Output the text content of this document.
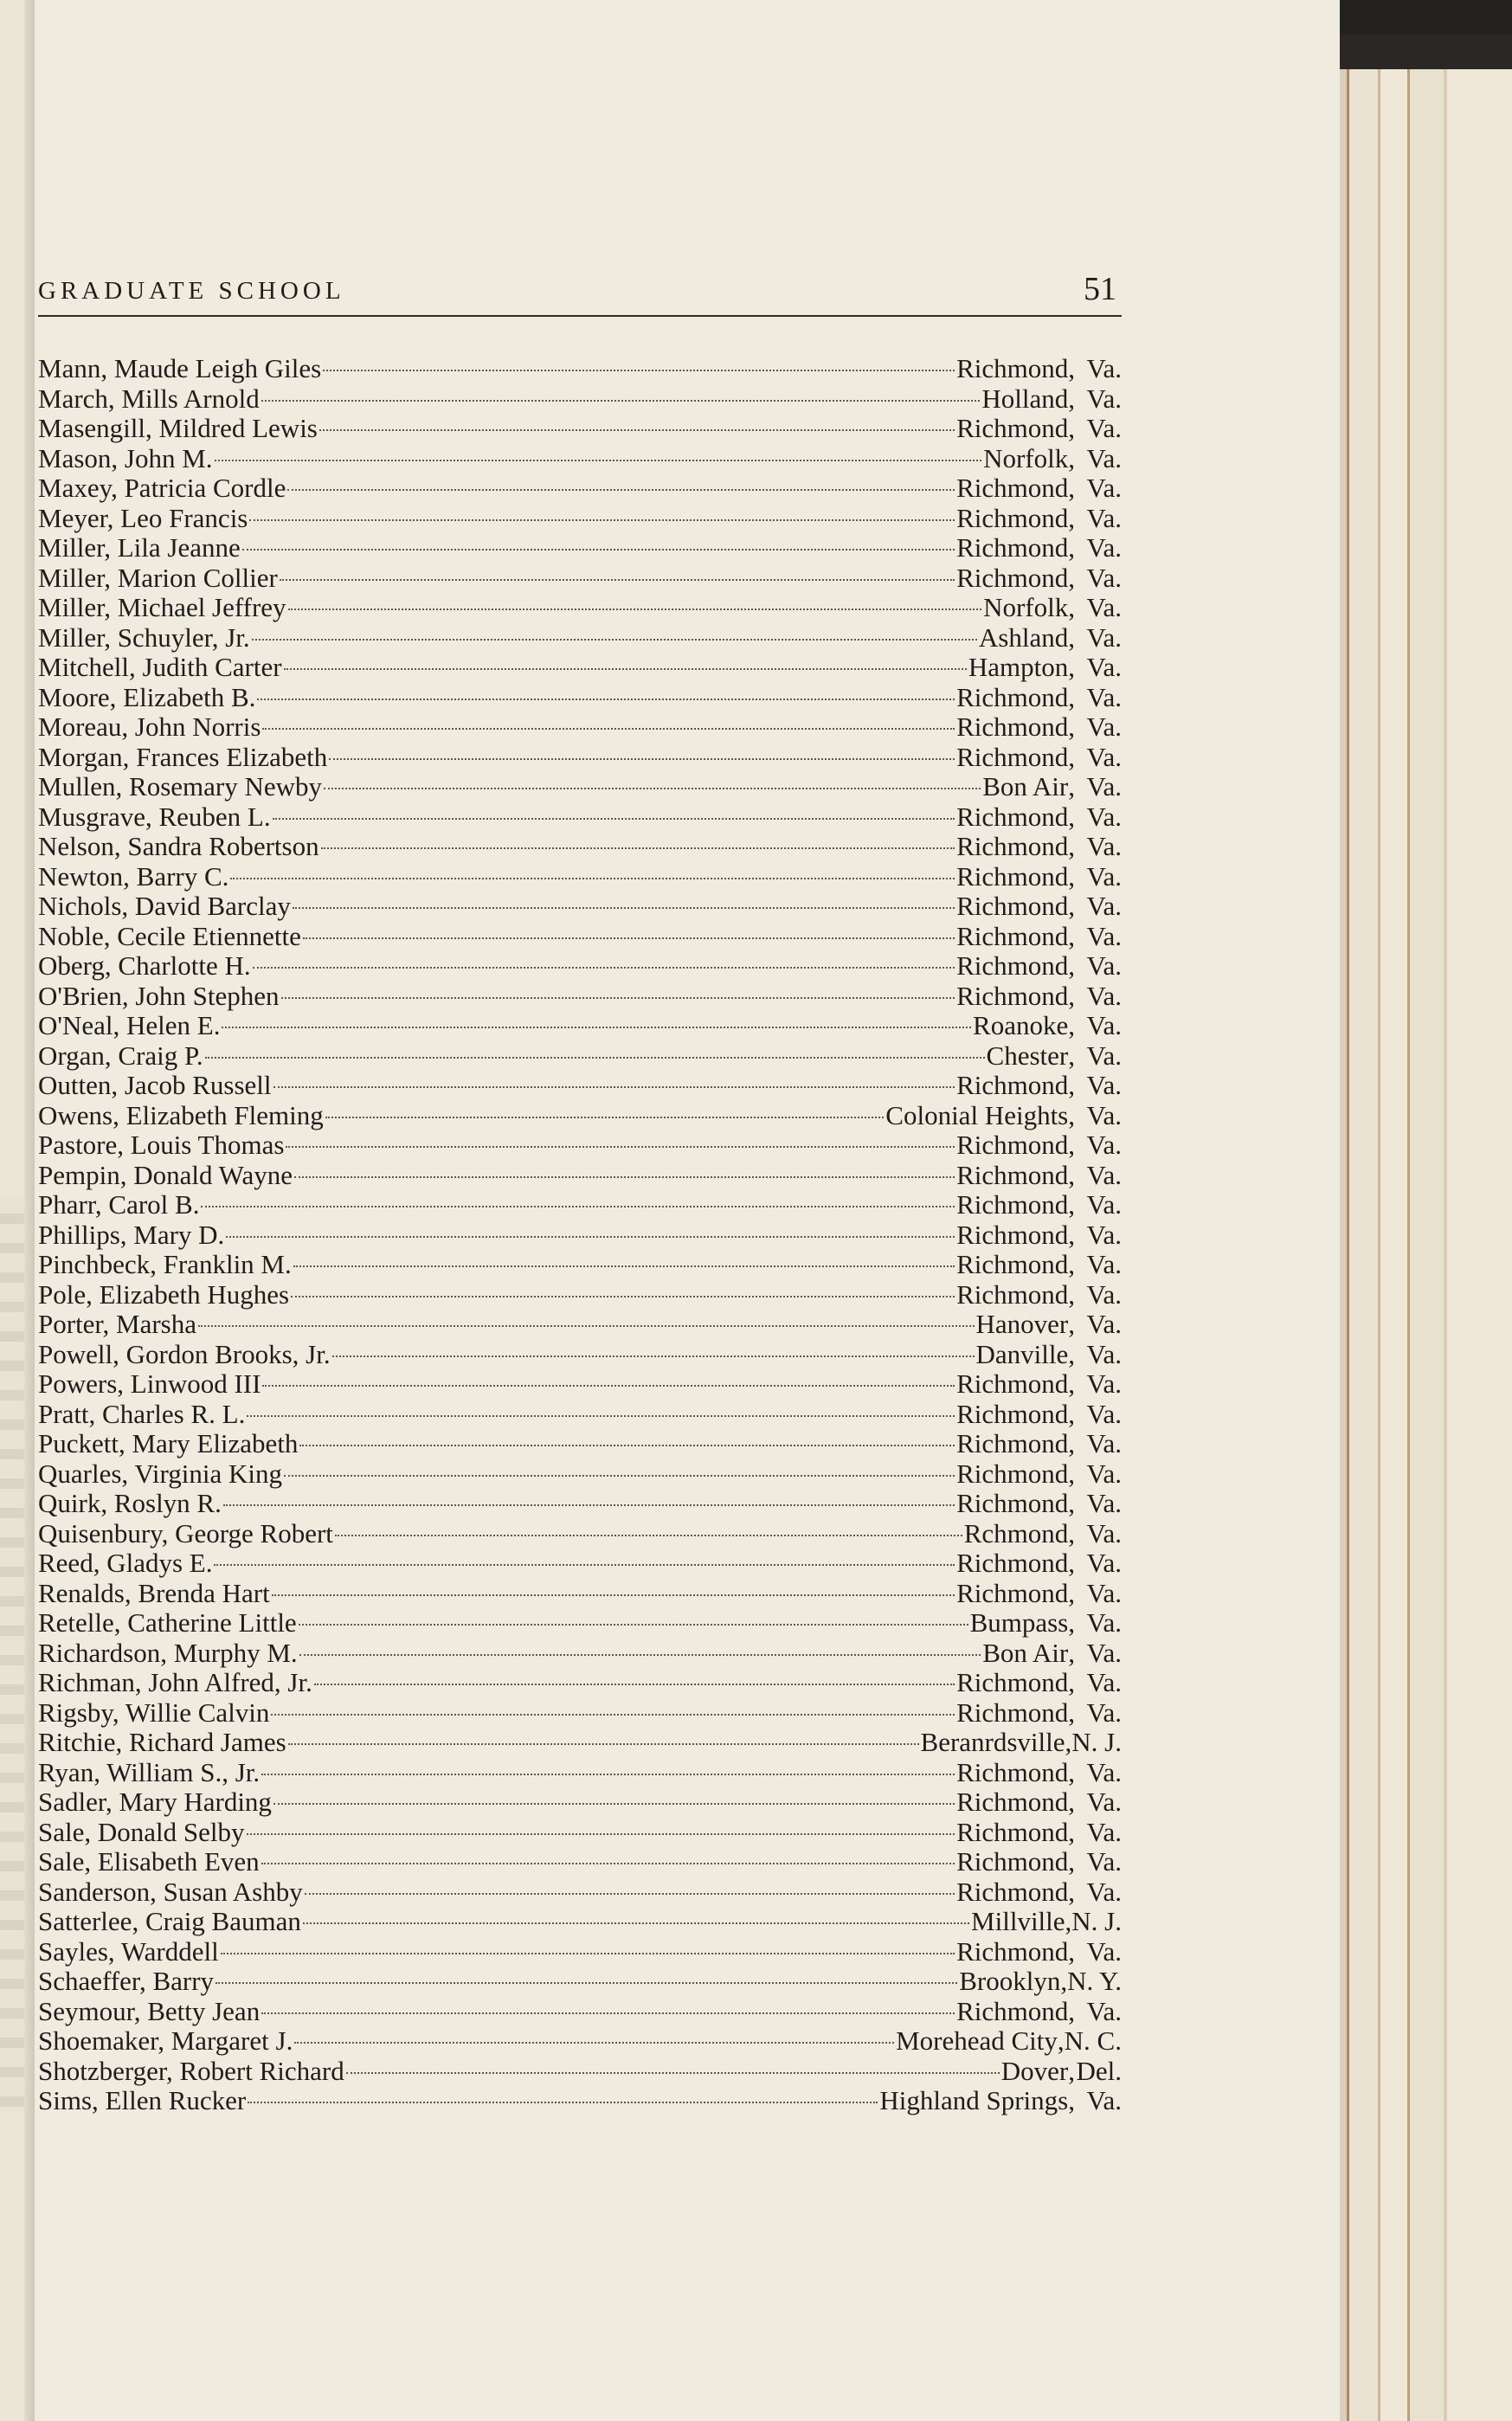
GRADUATE SCHOOL	51
Mann, Maude Leigh Giles	Richmond , Va.
March, Mills Arnold	Holland , Va.
Masengill, Mildred Lewis	Richmond , Va.
Mason, John M.	Norfolk , Va.
Maxey, Patricia Cordle	Richmond , Va.
Meyer, Leo Francis	Richmond , Va.
Miller, Lila Jeanne	Richmond , Va.
Miller, Marion Collier	Richmond , Va.
Miller, Michael Jeffrey	Norfolk , Va.
Miller, Schuyler, Jr.	Ashland , Va.
Mitchell, Judith Carter	Hampton , Va.
Moore, Elizabeth B.	Richmond , Va.
Moreau, John Norris	Richmond , Va.
Morgan, Frances Elizabeth	Richmond , Va.
Mullen, Rosemary Newby	Bon Air , Va.
Musgrave, Reuben L.	Richmond , Va.
Nelson, Sandra Robertson	Richmond , Va.
Newton, Barry C.	Richmond , Va.
Nichols, David Barclay	Richmond , Va.
Noble, Cecile Etiennette	Richmond , Va.
Oberg, Charlotte H.	Richmond , Va.
O'Brien, John Stephen	Richmond , Va.
O'Neal, Helen E.	Roanoke , Va.
Organ, Craig P.	Chester , Va.
Outten, Jacob Russell	Richmond , Va.
Owens, Elizabeth Fleming	Colonial Heights , Va.
Pastore, Louis Thomas	Richmond , Va.
Pempin, Donald Wayne	Richmond , Va.
Pharr, Carol B.	Richmond , Va.
Phillips, Mary D.	Richmond , Va.
Pinchbeck, Franklin M.	Richmond , Va.
Pole, Elizabeth Hughes	Richmond , Va.
Porter, Marsha	Hanover , Va.
Powell, Gordon Brooks, Jr.	Danville , Va.
Powers, Linwood III	Richmond , Va.
Pratt, Charles R. L.	Richmond , Va.
Puckett, Mary Elizabeth	Richmond , Va.
Quarles, Virginia King	Richmond , Va.
Quirk, Roslyn R.	Richmond , Va.
Quisenbury, George Robert	Rchmond , Va.
Reed, Gladys E.	Richmond , Va.
Renalds, Brenda Hart	Richmond , Va.
Retelle, Catherine Little	Bumpass , Va.
Richardson, Murphy M.	Bon Air , Va.
Richman, John Alfred, Jr.	Richmond , Va.
Rigsby, Willie Calvin	Richmond , Va.
Ritchie, Richard James	Beranrdsville , N. J.
Ryan, William S., Jr.	Richmond , Va.
Sadler, Mary Harding	Richmond , Va.
Sale, Donald Selby	Richmond , Va.
Sale, Elisabeth Even	Richmond , Va.
Sanderson, Susan Ashby	Richmond , Va.
Satterlee, Craig Bauman	Millville , N. J.
Sayles, Warddell	Richmond , Va.
Schaeffer, Barry	Brooklyn , N. Y.
Seymour, Betty Jean	Richmond , Va.
Shoemaker, Margaret J.	Morehead City , N. C.
Shotzberger, Robert Richard	Dover , Del.
Sims, Ellen Rucker	Highland Springs , Va.
